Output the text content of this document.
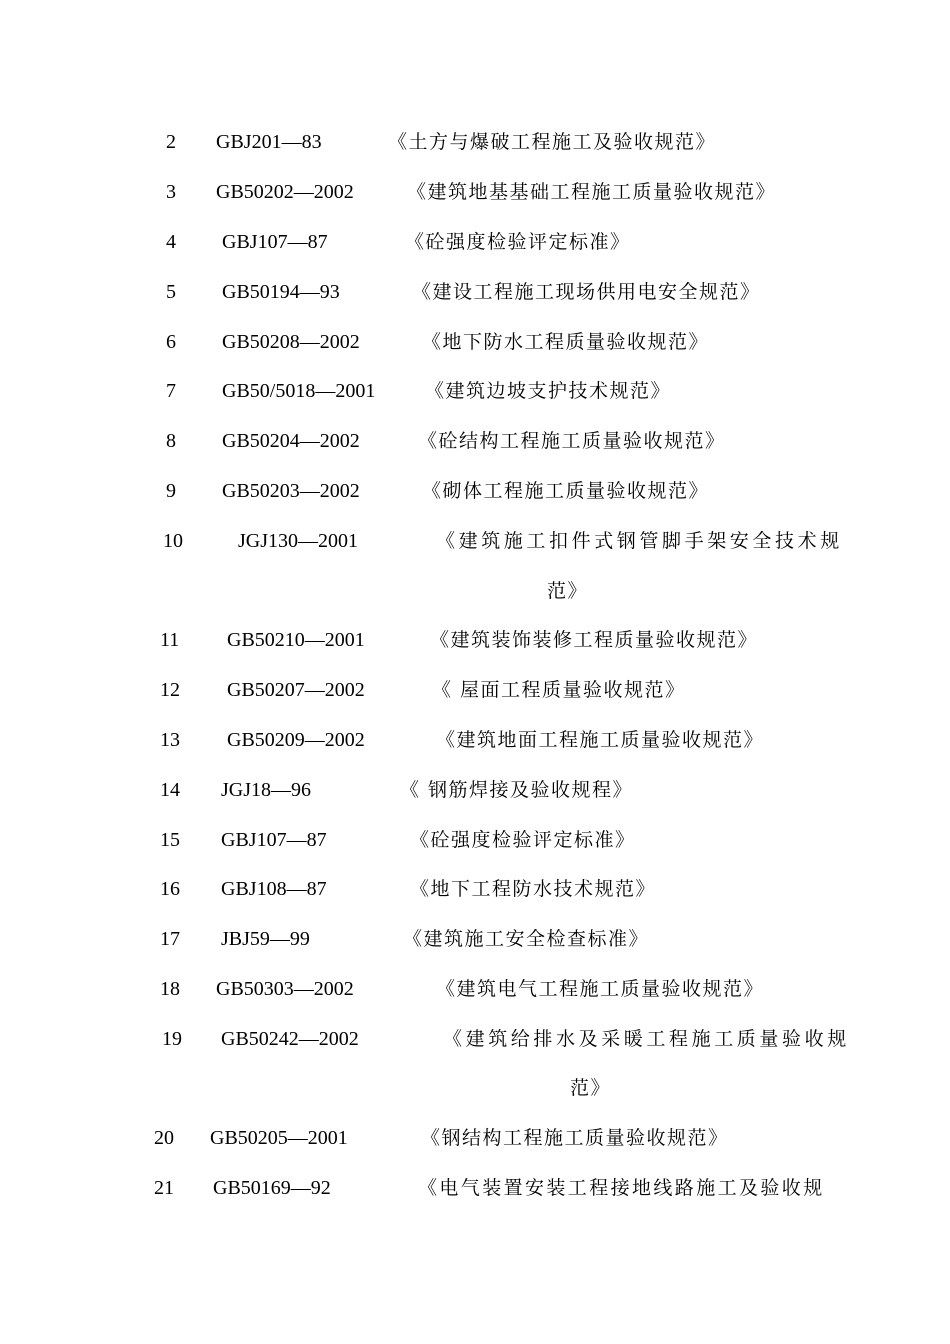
2 GBJ201—83	《土方与爆破工程施工及验收规范》
3 GB50202—2002	《建筑地基基础工程施工质量验收规范》
4 GBJ107—87	《砼强度检验评定标准》
5 GB50194—93	《建设工程施工现场供用电安全规范》
6 GB50208—2002	《地下防水工程质量验收规范》
7 GB50/5018—2001	《建筑边坡支护技术规范》
8 GB50204—2002	《砼结构工程施工质量验收规范》
9 GB50203—2002	《砌体工程施工质量验收规范》
10	JGJ130—2001	《建筑施工扣件式钢管脚手架安全技术规
范》
11 GB50210—2001	《建筑装饰装修工程质量验收规范》
12 GB50207—2002	《 屋面工程质量验收规范》
13 GB50209—2002	《建筑地面工程施工质量验收规范》
14 JGJ18—96	《 钢筋焊接及验收规程》
15 GBJ107—87	《砼强度检验评定标准》
16 GBJ108—87	《地下工程防水技术规范》
17 JBJ59—99	《建筑施工安全检查标准》
18 GB50303—2002	《建筑电气工程施工质量验收规范》
19 GB50242—2002	《建筑给排水及采暖工程施工质量验收规
范》
20 GB50205—2001	《钢结构工程施工质量验收规范》
21 GB50169—92	《电气装置安装工程接地线路施工及验收规
